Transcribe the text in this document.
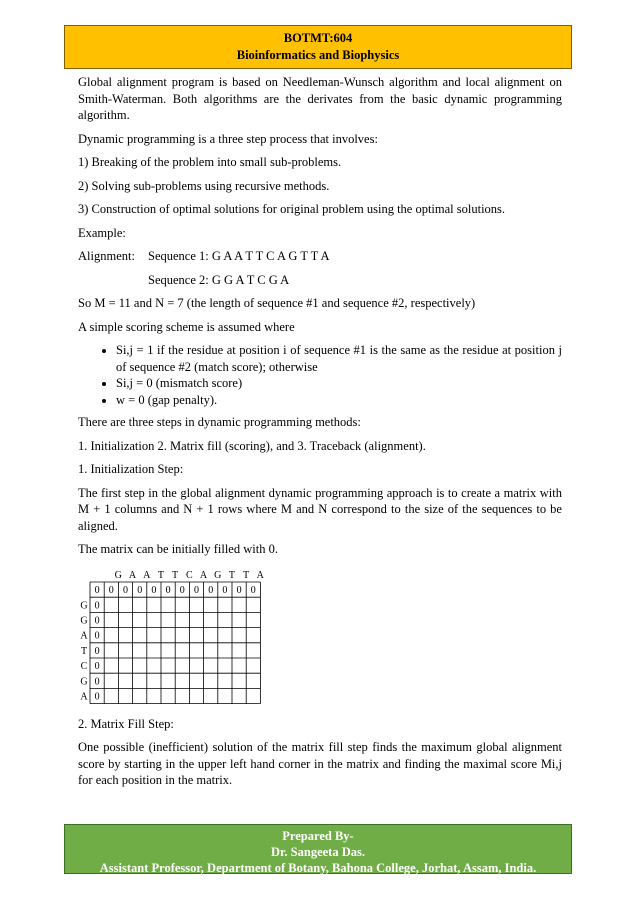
BOTMT:604
Bioinformatics and Biophysics

Global alignment program is based on Needleman-Wunsch algorithm and local alignment on Smith-Waterman. Both algorithms are the derivates from the basic dynamic programming algorithm.

Dynamic programming is a three step process that involves:

1) Breaking of the problem into small sub-problems.

2) Solving sub-problems using recursive methods.

3) Construction of optimal solutions for original problem using the optimal solutions.

Example:

Alignment:	Sequence 1: G A A T T C A G T T A

Sequence 2: G G A T C G A

So M = 11 and N = 7 (the length of sequence #1 and sequence #2, respectively)

A simple scoring scheme is assumed where

• Si,j = 1 if the residue at position i of sequence #1 is the same as the residue at position j of sequence #2 (match score); otherwise
• Si,j = 0 (mismatch score)
• w = 0 (gap penalty).

There are three steps in dynamic programming methods:

1. Initialization 2. Matrix fill (scoring), and 3. Traceback (alignment).

1. Initialization Step:

The first step in the global alignment dynamic programming approach is to create a matrix with M + 1 columns and N + 1 rows where M and N correspond to the size of the sequences to be aligned.

The matrix can be initially filled with 0.

G A A T T C A G T T A
G
G
A
T
C
G
A
0 0 0 0 0 0 0 0 0 0 0 0
0
0
0
0
0
0
0

2. Matrix Fill Step:

One possible (inefficient) solution of the matrix fill step finds the maximum global alignment score by starting in the upper left hand corner in the matrix and finding the maximal score Mi,j for each position in the matrix.

Prepared By-
Dr. Sangeeta Das.
Assistant Professor, Department of Botany, Bahona College, Jorhat, Assam, India.
